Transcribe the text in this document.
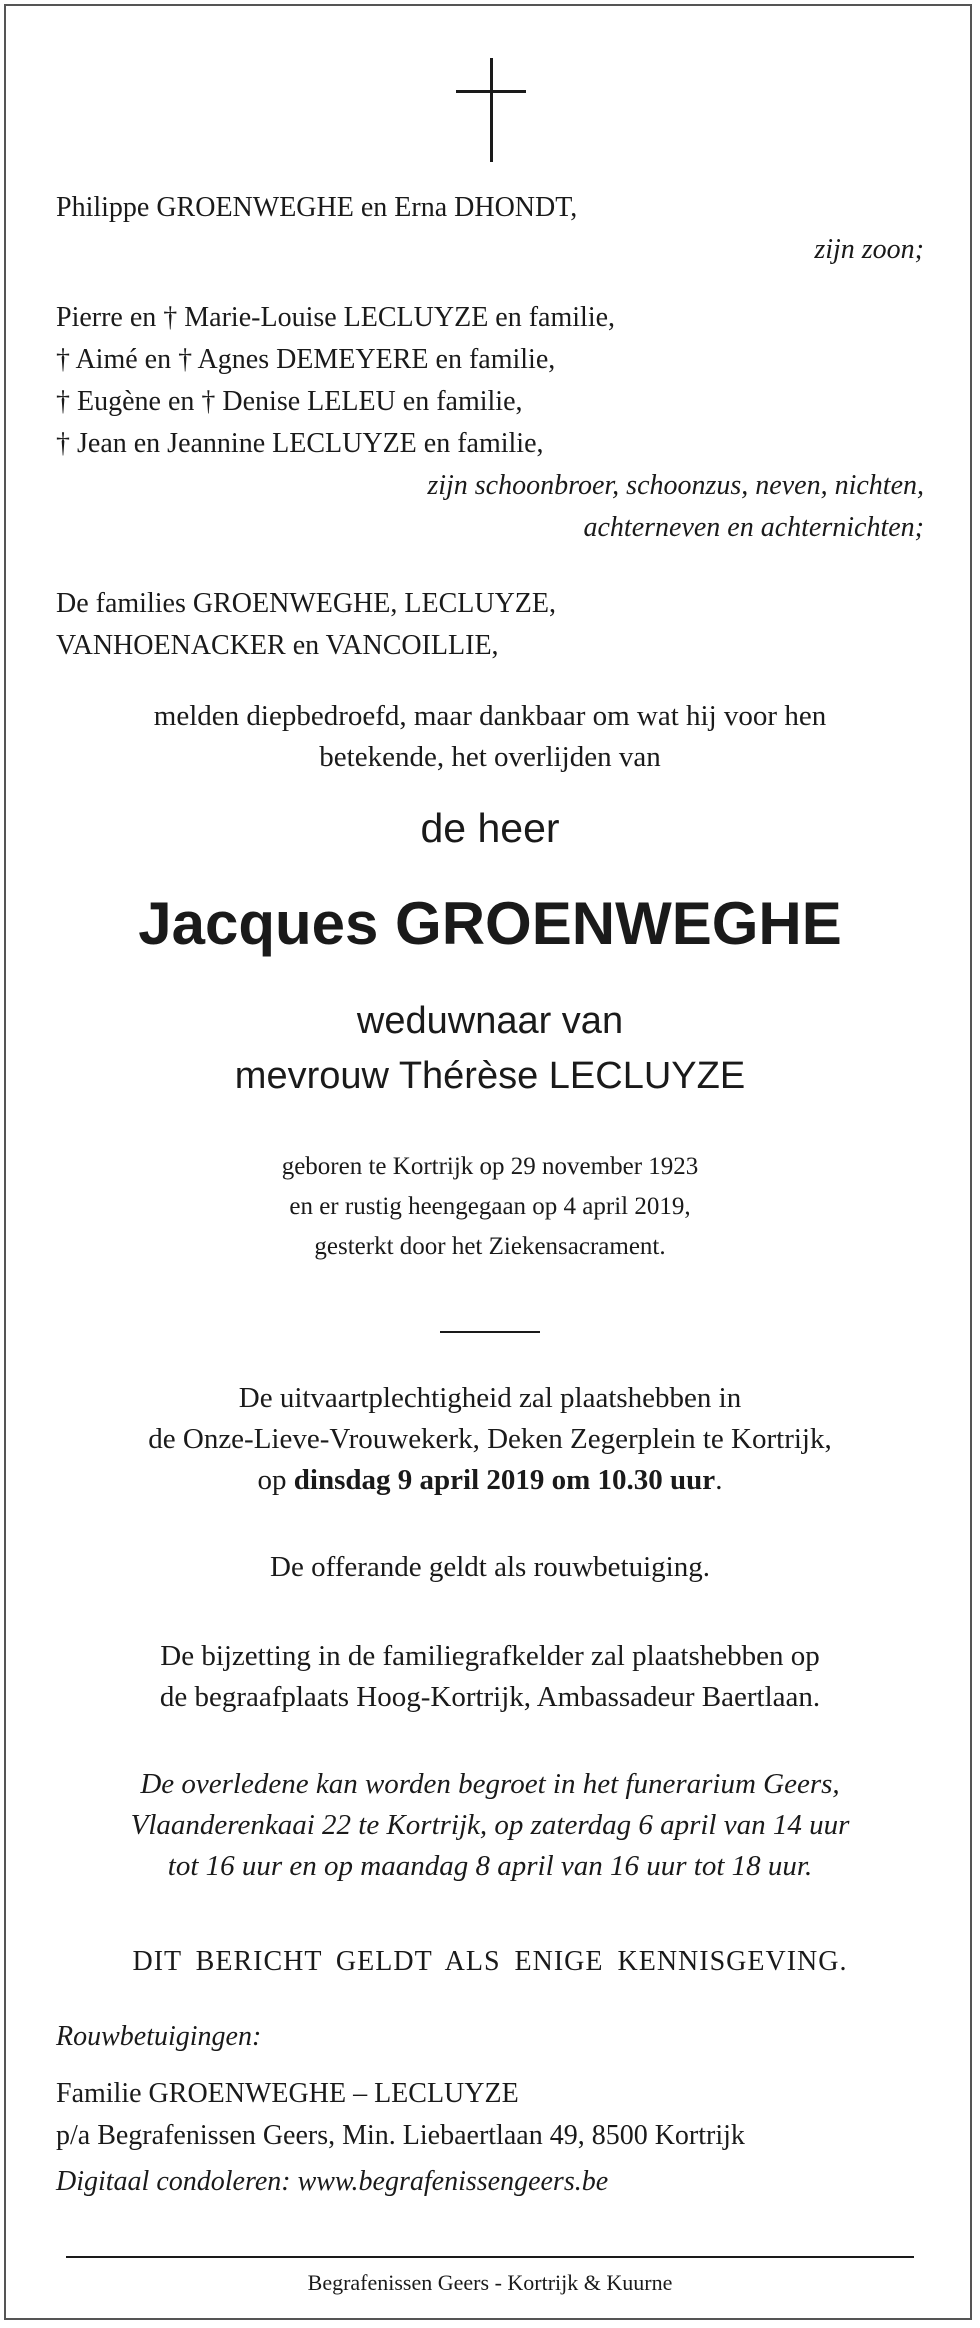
Philippe GROENWEGHE en Erna DHONDT,
zijn zoon;
Pierre en † Marie-Louise LECLUYZE en familie,
† Aimé en † Agnes DEMEYERE en familie,
† Eugène en † Denise LELEU en familie,
† Jean en Jeannine LECLUYZE en familie,
zijn schoonbroer, schoonzus, neven, nichten,
achterneven en achternichten;
De families GROENWEGHE, LECLUYZE,
VANHOENACKER en VANCOILLIE,
melden diepbedroefd, maar dankbaar om wat hij voor hen
betekende, het overlijden van
de heer
Jacques GROENWEGHE
weduwnaar van
mevrouw Thérèse LECLUYZE
geboren te Kortrijk op 29 november 1923
en er rustig heengegaan op 4 april 2019,
gesterkt door het Ziekensacrament.
De uitvaartplechtigheid zal plaatshebben in
de Onze-Lieve-Vrouwekerk, Deken Zegerplein te Kortrijk,
op dinsdag 9 april 2019 om 10.30 uur.
De offerande geldt als rouwbetuiging.
De bijzetting in de familiegrafkelder zal plaatshebben op
de begraafplaats Hoog-Kortrijk, Ambassadeur Baertlaan.
De overledene kan worden begroet in het funerarium Geers,
Vlaanderenkaai 22 te Kortrijk, op zaterdag 6 april van 14 uur
tot 16 uur en op maandag 8 april van 16 uur tot 18 uur.
DIT BERICHT GELDT ALS ENIGE KENNISGEVING.
Rouwbetuigingen:
Familie GROENWEGHE – LECLUYZE
p/a Begrafenissen Geers, Min. Liebaertlaan 49, 8500 Kortrijk
Digitaal condoleren: www.begrafenissengeers.be
Begrafenissen Geers - Kortrijk & Kuurne
